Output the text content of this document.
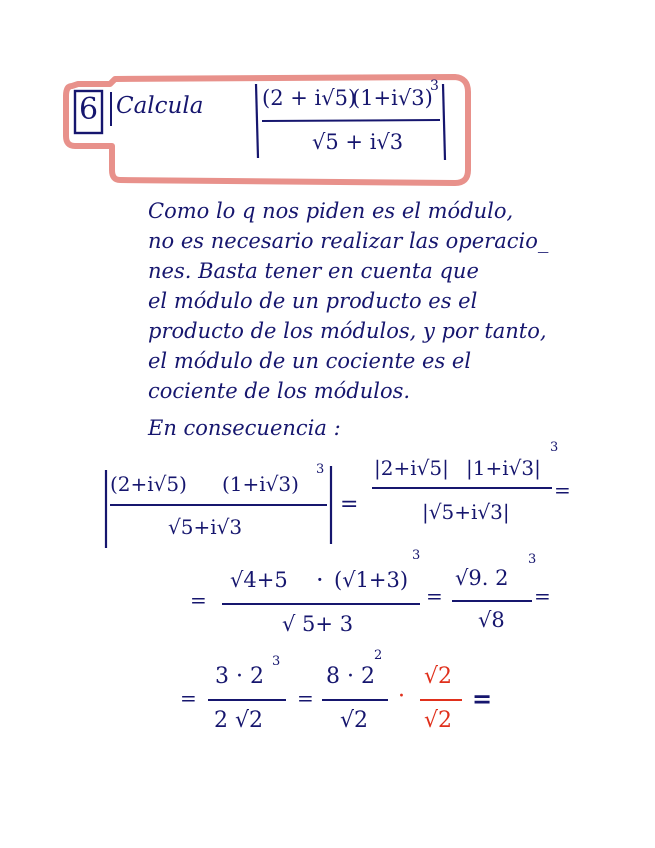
6 Calcula	(2 + i√5)
(1+i√3)
3
√5 + i√3
Como lo q nos piden es el módulo,
no es necesario realizar las operacio_
nes. Basta tener en cuenta que
el módulo de un producto es el
producto de los módulos, y por tanto,
el módulo de un cociente es el
cociente de los módulos.
En consecuencia :
(2+i√5) (1+i√3)
3
√5+i√3
=
|2+i√5| |1+i√3|
3
|√5+i√3|
=
=
√4+5 · (√1+3)
3
√ 5+ 3
=
√9. 2
3
√8
=
=
3 · 2
3
2 √2
=
8 · 2
2
√2
·
√2
√2
=
